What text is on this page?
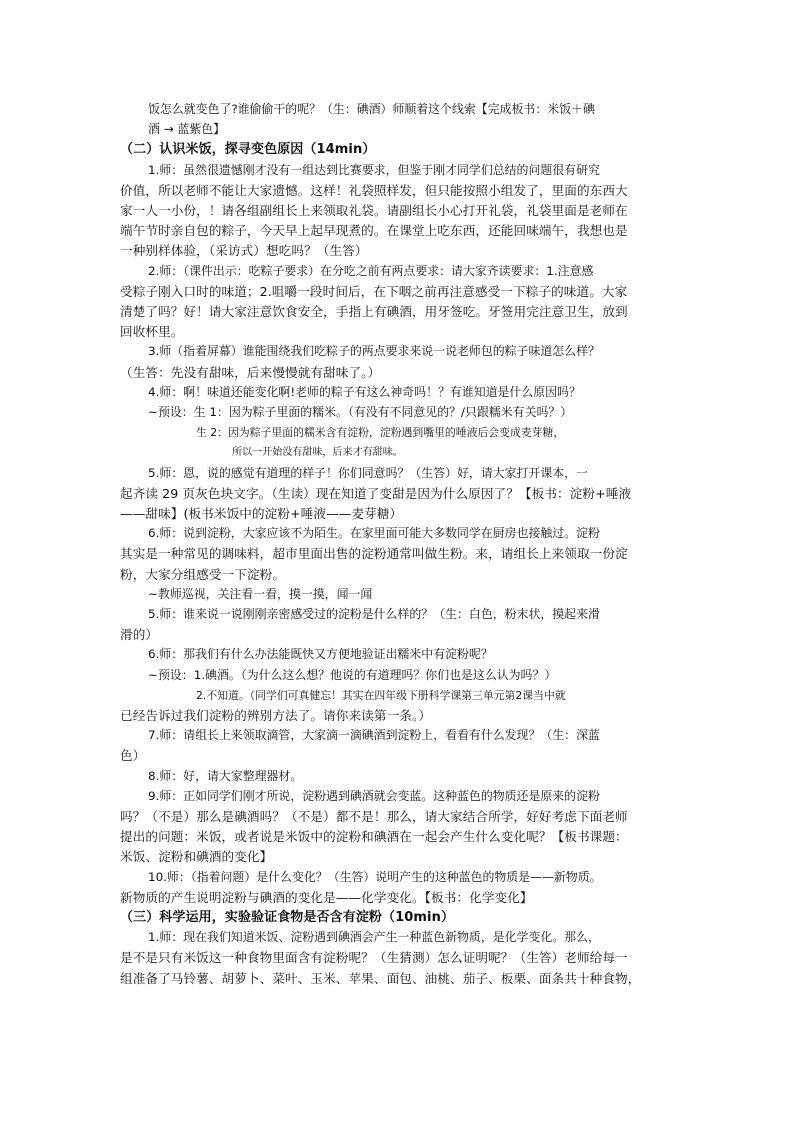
饭怎么就变色了?谁偷偷干的呢？（生：碘酒）师顺着这个线索【完成板书：米饭＋碘

酒 → 蓝紫色】

（二）认识米饭，探寻变色原因（14min）

1.师：虽然很遗憾刚才没有一组达到比赛要求，但鉴于刚才同学们总结的问题很有研究

价值，所以老师不能让大家遗憾。这样！礼袋照样发，但只能按照小组发了，里面的东西大

家一人一小份，！请各组副组长上来领取礼袋。请副组长小心打开礼袋，礼袋里面是老师在

端午节时亲自包的粽子，今天早上起早现煮的。在课堂上吃东西，还能回味端午，我想也是

一种别样体验，（采访式）想吃吗？（生答）

2.师：（课件出示：吃粽子要求）在分吃之前有两点要求：请大家齐读要求：1.注意感

受粽子刚入口时的味道；2.咀嚼一段时间后，在下咽之前再注意感受一下粽子的味道。大家

清楚了吗？好！请大家注意饮食安全，手指上有碘酒，用牙签吃。牙签用完注意卫生，放到

回收杯里。

3.师（指着屏幕）谁能围绕我们吃粽子的两点要求来说一说老师包的粽子味道怎么样？

（生答：先没有甜味，后来慢慢就有甜味了。）

4.师：啊！味道还能变化啊!老师的粽子有这么神奇吗！？有谁知道是什么原因吗？

~预设：生 1：因为粽子里面的糯米。（有没有不同意见的？/只跟糯米有关吗？）

生 2：因为粽子里面的糯米含有淀粉，淀粉遇到嘴里的唾液后会变成麦芽糖，

所以一开始没有甜味，后来才有甜味。

5.师：恩，说的感觉有道理的样子！你们同意吗？（生答）好，请大家打开课本，一

起齐读 29 页灰色块文字。（生读）现在知道了变甜是因为什么原因了？【板书：淀粉+唾液

——甜味】(板书米饭中的淀粉+唾液——麦芽糖）

6.师：说到淀粉，大家应该不为陌生。在家里面可能大多数同学在厨房也接触过。淀粉

其实是一种常见的调味料，超市里面出售的淀粉通常叫做生粉。来，请组长上来领取一份淀

粉，大家分组感受一下淀粉。

~教师巡视，关注看一看，摸一摸，闻一闻

5.师：谁来说一说刚刚亲密感受过的淀粉是什么样的？（生：白色，粉末状，摸起来滑

滑的）

6.师：那我们有什么办法能既快又方便地验证出糯米中有淀粉呢？

~预设：1.碘酒。（为什么这么想？他说的有道理吗？你们也是这么认为吗？）

2.不知道。（同学们可真健忘！其实在四年级下册科学课第三单元第2课当中就

已经告诉过我们淀粉的辨别方法了。请你来读第一条。）

7.师：请组长上来领取滴管，大家滴一滴碘酒到淀粉上，看看有什么发现？（生：深蓝

色）

8.师：好，请大家整理器材。

9.师：正如同学们刚才所说，淀粉遇到碘酒就会变蓝。这种蓝色的物质还是原来的淀粉

吗？（不是）那么是碘酒吗？（不是）都不是！那么，请大家结合所学，好好考虑下面老师

提出的问题：米饭，或者说是米饭中的淀粉和碘酒在一起会产生什么变化呢？【板书课题：

米饭、淀粉和碘酒的变化】

10.师：（指着问题）是什么变化？（生答）说明产生的这种蓝色的物质是——新物质。

新物质的产生说明淀粉与碘酒的变化是——化学变化。【板书：化学变化】

（三）科学运用，实验验证食物是否含有淀粉（10min）

1.师：现在我们知道米饭、淀粉遇到碘酒会产生一种蓝色新物质，是化学变化。那么，

是不是只有米饭这一种食物里面含有淀粉呢？（生猜测）怎么证明呢？（生答）老师给每一

组准备了马铃薯、胡萝卜、菜叶、玉米、苹果、面包、油桃、茄子、板栗、面条共十种食物，
